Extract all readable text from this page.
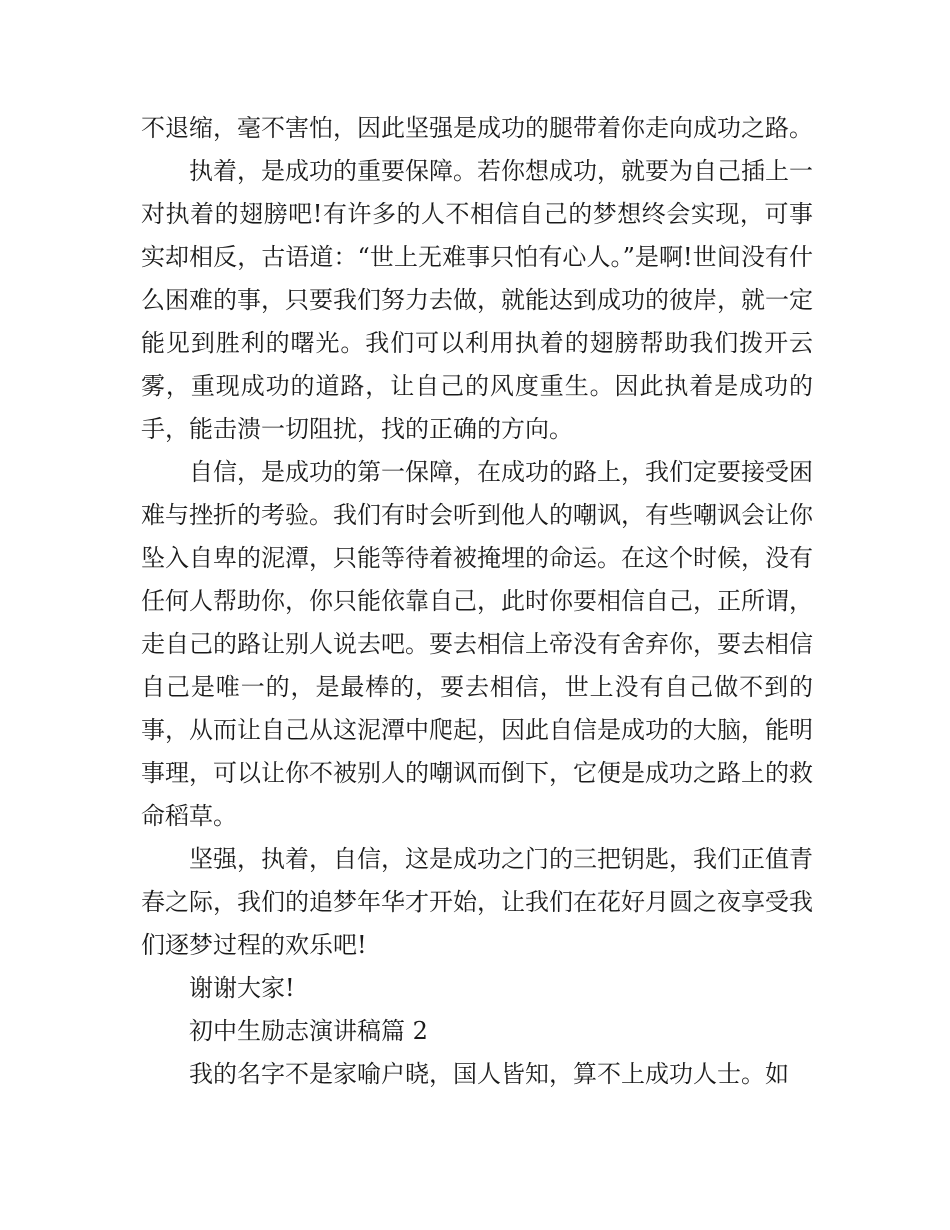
不退缩，毫不害怕，因此坚强是成功的腿带着你走向成功之路。

执着，是成功的重要保障。若你想成功，就要为自己插上一对执着的翅膀吧!有许多的人不相信自己的梦想终会实现，可事实却相反，古语道：“世上无难事只怕有心人。”是啊!世间没有什么困难的事，只要我们努力去做，就能达到成功的彼岸，就一定能见到胜利的曙光。我们可以利用执着的翅膀帮助我们拨开云雾，重现成功的道路，让自己的风度重生。因此执着是成功的手，能击溃一切阻扰，找的正确的方向。

自信，是成功的第一保障，在成功的路上，我们定要接受困难与挫折的考验。我们有时会听到他人的嘲讽，有些嘲讽会让你坠入自卑的泥潭，只能等待着被掩埋的命运。在这个时候，没有任何人帮助你，你只能依靠自己，此时你要相信自己，正所谓，走自己的路让别人说去吧。要去相信上帝没有舍弃你，要去相信自己是唯一的，是最棒的，要去相信，世上没有自己做不到的事，从而让自己从这泥潭中爬起，因此自信是成功的大脑，能明事理，可以让你不被别人的嘲讽而倒下，它便是成功之路上的救命稻草。

坚强，执着，自信，这是成功之门的三把钥匙，我们正值青春之际，我们的追梦年华才开始，让我们在花好月圆之夜享受我们逐梦过程的欢乐吧!

谢谢大家!

初中生励志演讲稿篇 2

我的名字不是家喻户晓，国人皆知，算不上成功人士。如
